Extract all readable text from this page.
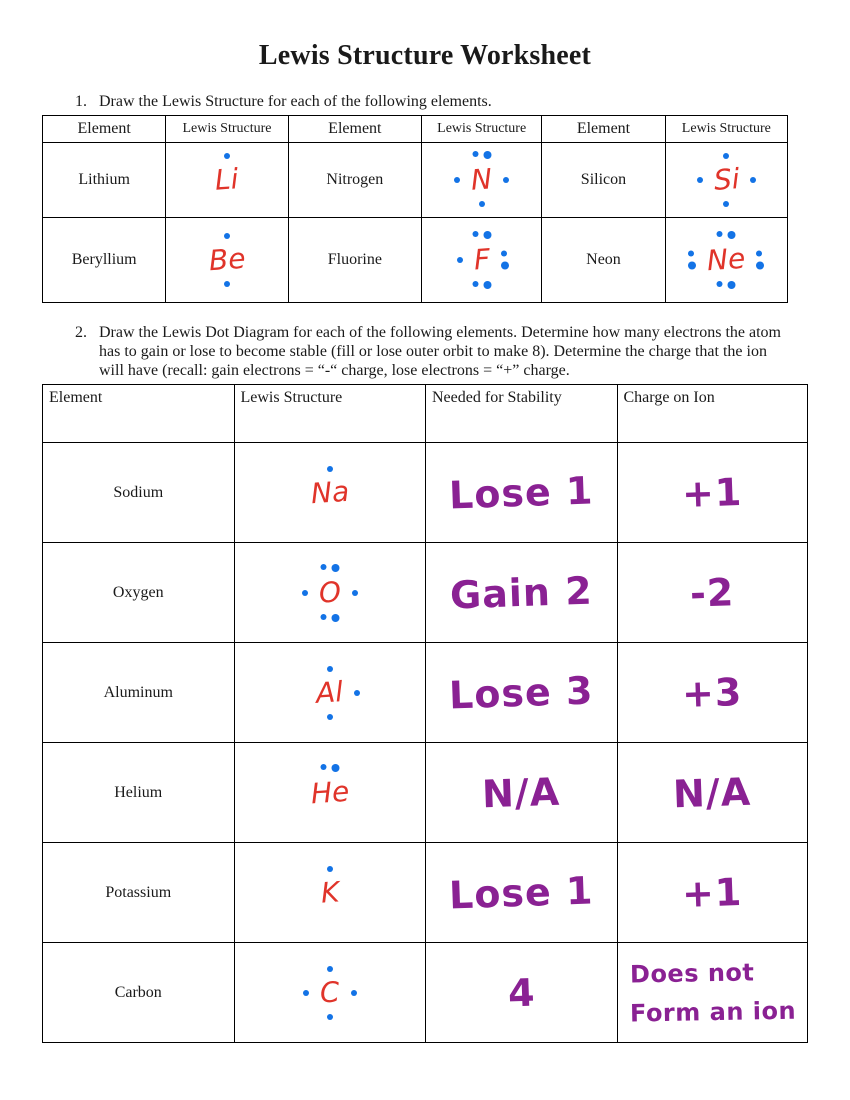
Lewis Structure Worksheet
1. Draw the Lewis Structure for each of the following elements.
Element	Lewis Structure	Element	Lewis Structure	Element	Lewis Structure
Lithium	Li	Nitrogen	N	Silicon	Si

Beryllium	Be	Fluorine	F	Neon	Ne
2. Draw the Lewis Dot Diagram for each of the following elements. Determine how many electrons the atom has to gain or lose to become stable (fill or lose outer orbit to make 8). Determine the charge that the ion will have (recall: gain electrons = “-“ charge, lose electrons = “+” charge.
Element	Lewis Structure	Needed for Stability	Charge on Ion
Sodium	Na	Lose 1	+1
Oxygen	O	Gain 2	-2
Aluminum	Al	Lose 3	+3
Helium	He	N/A	N/A
Potassium	K	Lose 1	+1
Carbon	C	4	Does not
Form an ion
